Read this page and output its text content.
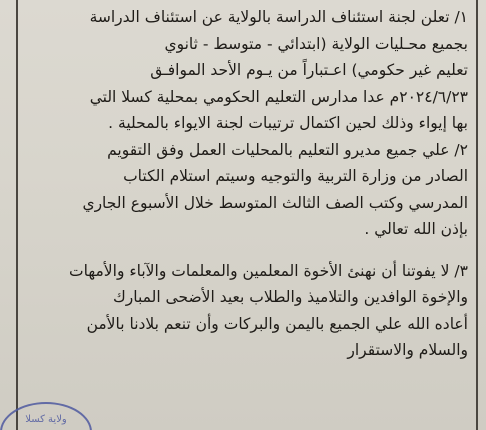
١/ تعلن لجنة استئناف الدراسة بالولاية عن استئناف الدراسة
بجميع محـليات الولاية (ابتدائي - متوسط - ثانوي
تعليم غير حكومي) اعـتباراً من يـوم الأحد الموافـق
٢٠٢٤/٦/٢٣م عدا مدارس التعليم الحكومي بمحلية كسلا التي
بها إيواء وذلك لحين اكتمال ترتيبات لجنة الايواء بالمحلية .

٢/ علي جميع مديرو التعليم بالمحليات العمل وفق التقويم
الصادر من وزارة التربية والتوجيه وسيتم استلام الكتاب
المدرسي وكتب الصف الثالث المتوسط خلال الأسبوع الجاري
بإذن الله تعالي .

٣/ لا يفوتنا أن نهنئ الأخوة المعلمين والمعلمات والآباء والأمهات
والإخوة الوافدين والتلاميذ والطلاب بعيد الأضحى المبارك
أعاده الله علي الجميع باليمن والبركات وأن تنعم بلادنا بالأمن
والسلام والاستقرار

ولاية كسلا
